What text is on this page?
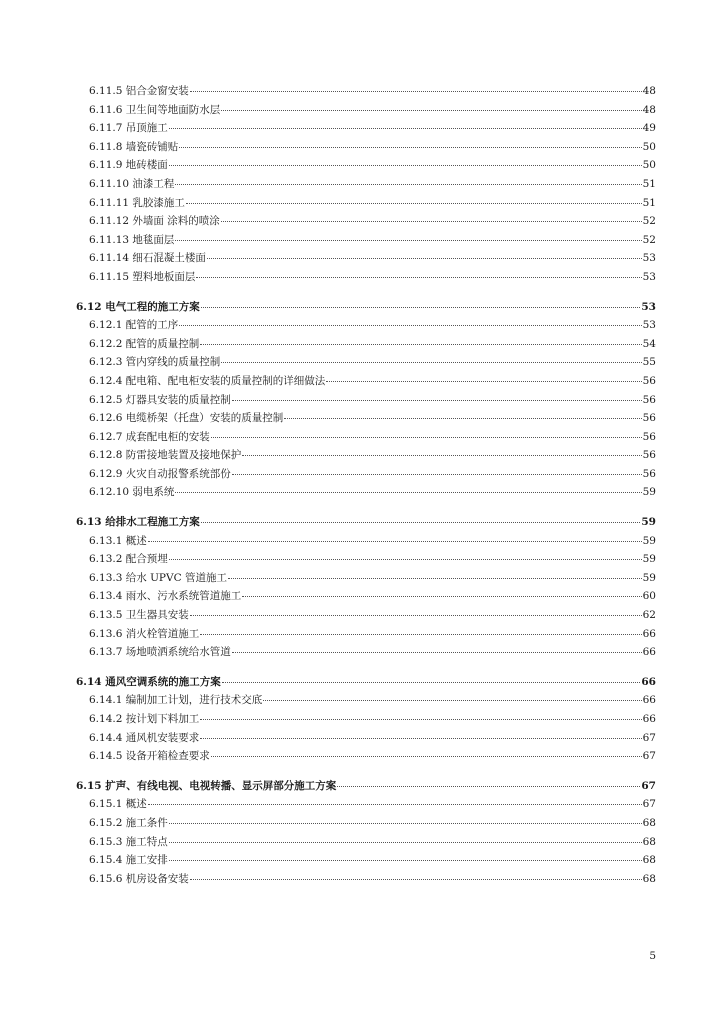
6.11.5 铝合金窗安装	48
6.11.6 卫生间等地面防水层	48
6.11.7 吊顶施工	49
6.11.8 墙瓷砖铺贴	50
6.11.9 地砖楼面	50
6.11.10 油漆工程	51
6.11.11 乳胶漆施工	51
6.11.12 外墙面 涂料的喷涂	52
6.11.13 地毯面层	52
6.11.14 细石混凝土楼面	53
6.11.15 塑料地板面层	53
6.12 电气工程的施工方案	53
6.12.1 配管的工序	53
6.12.2 配管的质量控制	54
6.12.3 管内穿线的质量控制	55
6.12.4 配电箱、配电柜安装的质量控制的详细做法	56
6.12.5 灯器具安装的质量控制	56
6.12.6 电缆桥架（托盘）安装的质量控制	56
6.12.7 成套配电柜的安装	56
6.12.8 防雷接地装置及接地保护	56
6.12.9 火灾自动报警系统部份	56
6.12.10 弱电系统	59
6.13 给排水工程施工方案	59
6.13.1 概述	59
6.13.2 配合预埋	59
6.13.3 给水 UPVC 管道施工	59
6.13.4 雨水、污水系统管道施工	60
6.13.5 卫生器具安装	62
6.13.6 消火栓管道施工	66
6.13.7 场地喷洒系统给水管道	66
6.14 通风空调系统的施工方案	66
6.14.1 编制加工计划，进行技术交底	66
6.14.2 按计划下料加工	66
6.14.4 通风机安装要求	67
6.14.5 设备开箱检查要求	67
6.15 扩声、有线电视、电视转播、显示屏部分施工方案	67
6.15.1 概述	67
6.15.2 施工条件	68
6.15.3 施工特点	68
6.15.4 施工安排	68
6.15.6 机房设备安装	68
5
